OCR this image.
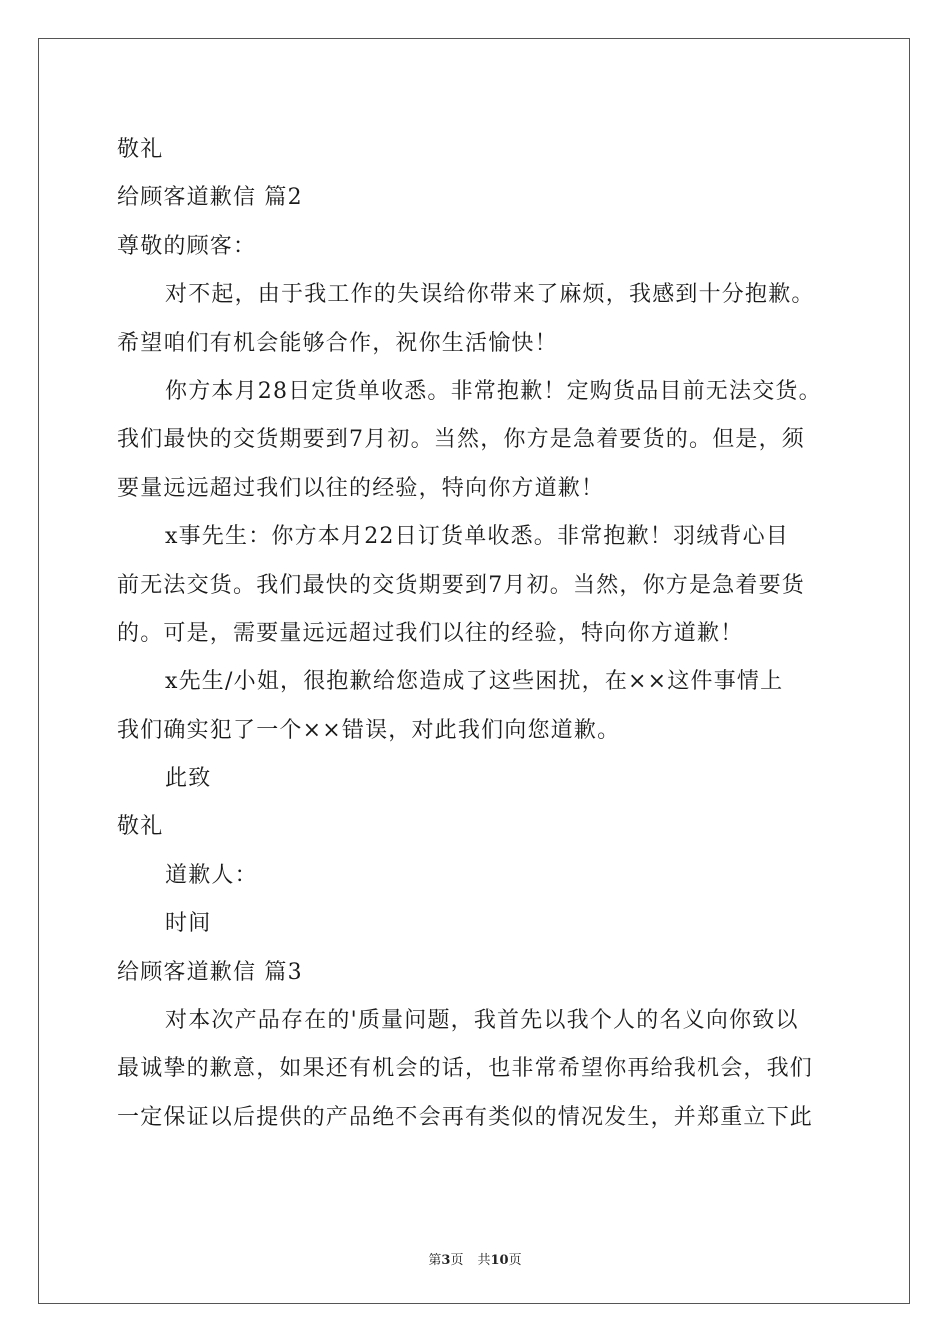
敬礼
给顾客道歉信 篇2
尊敬的顾客：
对不起，由于我工作的失误给你带来了麻烦，我感到十分抱歉。
希望咱们有机会能够合作，祝你生活愉快！
你方本月28日定货单收悉。非常抱歉！定购货品目前无法交货。
我们最快的交货期要到7月初。当然，你方是急着要货的。但是，须
要量远远超过我们以往的经验，特向你方道歉！
x事先生：你方本月22日订货单收悉。非常抱歉！羽绒背心目
前无法交货。我们最快的交货期要到7月初。当然，你方是急着要货
的。可是，需要量远远超过我们以往的经验，特向你方道歉！
x先生/小姐，很抱歉给您造成了这些困扰，在××这件事情上
我们确实犯了一个××错误，对此我们向您道歉。
此致
敬礼
道歉人：
时间
给顾客道歉信 篇3
对本次产品存在的'质量问题，我首先以我个人的名义向你致以
最诚挚的歉意，如果还有机会的话，也非常希望你再给我机会，我们
一定保证以后提供的产品绝不会再有类似的情况发生，并郑重立下此
第3页 共10页
